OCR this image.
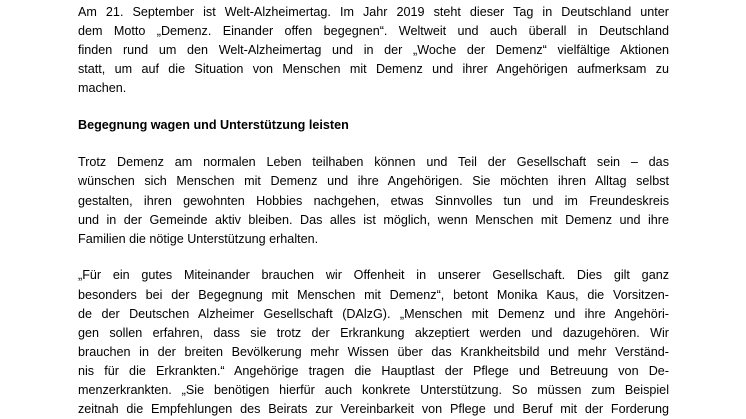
Am 21. September ist Welt-Alzheimertag. Im Jahr 2019 steht dieser Tag in Deutschland unter
dem Motto „Demenz. Einander offen begegnen“. Weltweit und auch überall in Deutschland
finden rund um den Welt-Alzheimertag und in der „Woche der Demenz“ vielfältige Aktionen
statt, um auf die Situation von Menschen mit Demenz und ihrer Angehörigen aufmerksam zu
machen.
Begegnung wagen und Unterstützung leisten
Trotz Demenz am normalen Leben teilhaben können und Teil der Gesellschaft sein – das
wünschen sich Menschen mit Demenz und ihre Angehörigen. Sie möchten ihren Alltag selbst
gestalten, ihren gewohnten Hobbies nachgehen, etwas Sinnvolles tun und im Freundeskreis
und in der Gemeinde aktiv bleiben. Das alles ist möglich, wenn Menschen mit Demenz und ihre
Familien die nötige Unterstützung erhalten.
„Für ein gutes Miteinander brauchen wir Offenheit in unserer Gesellschaft. Dies gilt ganz
besonders bei der Begegnung mit Menschen mit Demenz“, betont Monika Kaus, die Vorsitzen-
de der Deutschen Alzheimer Gesellschaft (DAlzG). „Menschen mit Demenz und ihre Angehöri-
gen sollen erfahren, dass sie trotz der Erkrankung akzeptiert werden und dazugehören. Wir
brauchen in der breiten Bevölkerung mehr Wissen über das Krankheitsbild und mehr Verständ-
nis für die Erkrankten.“ Angehörige tragen die Hauptlast der Pflege und Betreuung von De-
menzerkrankten. „Sie benötigen hierfür auch konkrete Unterstützung. So müssen zum Beispiel
zeitnah die Empfehlungen des Beirats zur Vereinbarkeit von Pflege und Beruf mit der Forderung
